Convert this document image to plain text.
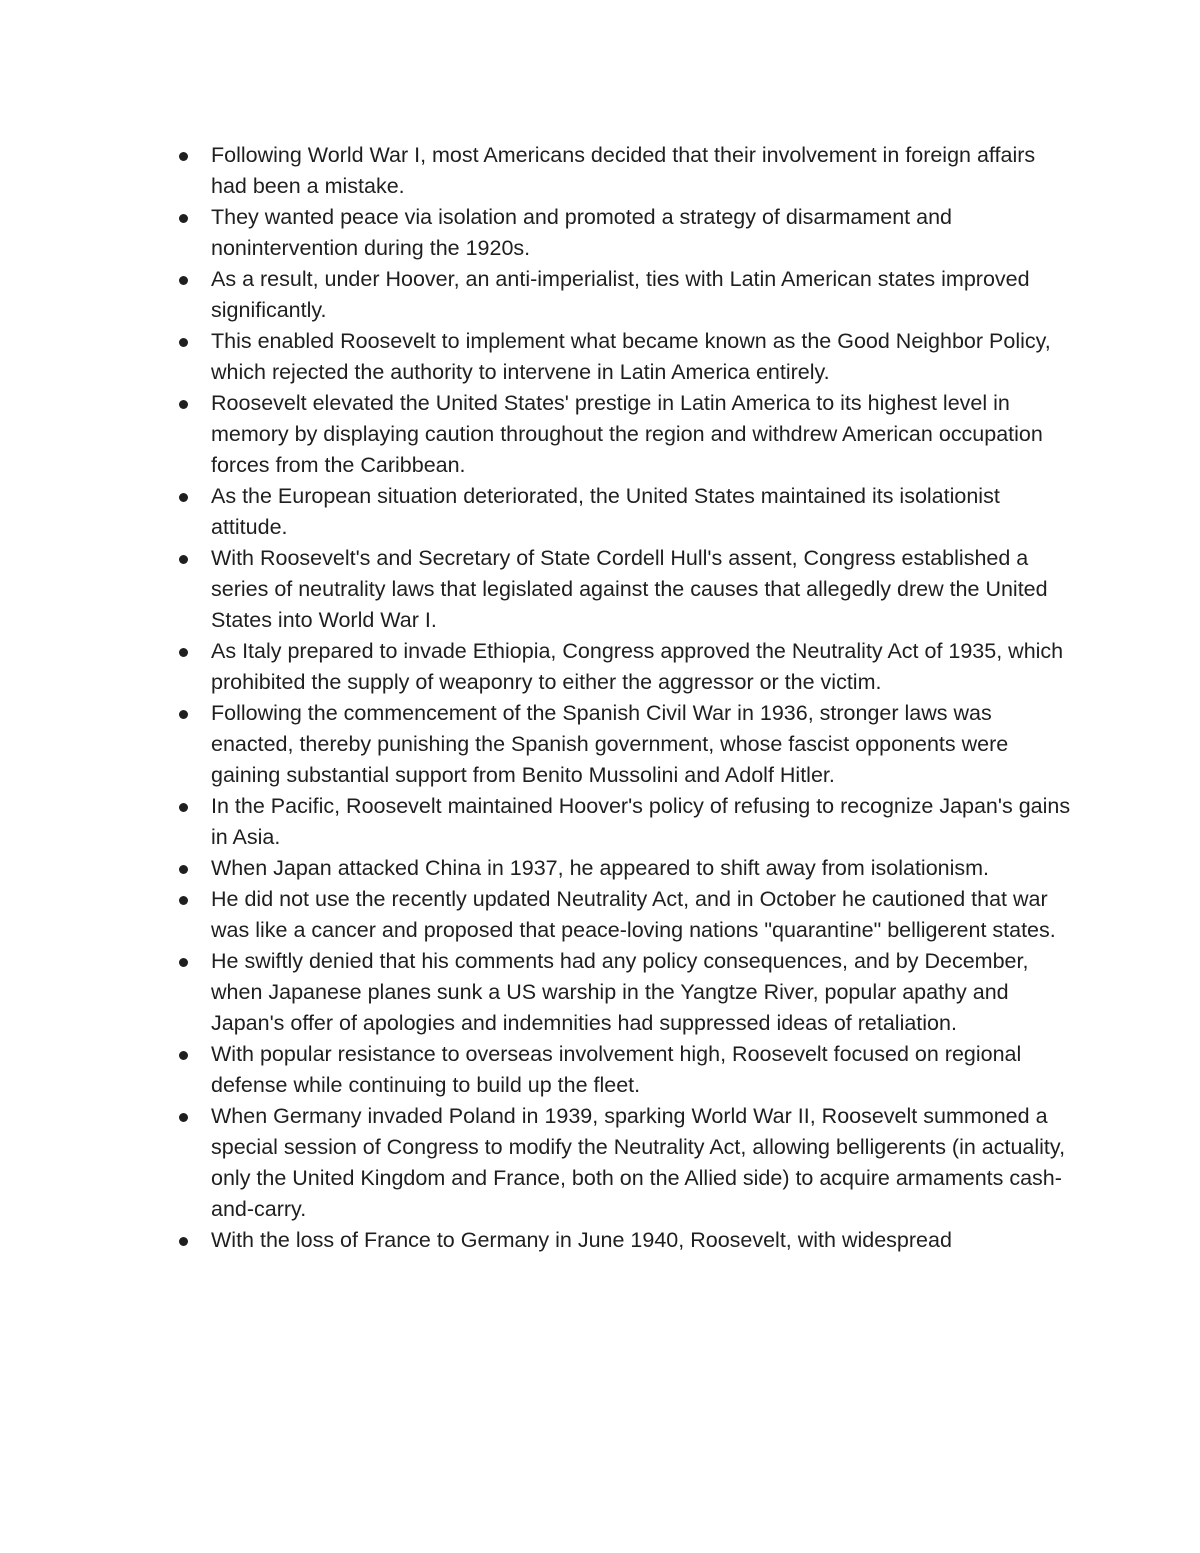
Following World War I, most Americans decided that their involvement in foreign affairs had been a mistake.
They wanted peace via isolation and promoted a strategy of disarmament and nonintervention during the 1920s.
As a result, under Hoover, an anti-imperialist, ties with Latin American states improved significantly.
This enabled Roosevelt to implement what became known as the Good Neighbor Policy, which rejected the authority to intervene in Latin America entirely.
Roosevelt elevated the United States' prestige in Latin America to its highest level in memory by displaying caution throughout the region and withdrew American occupation forces from the Caribbean.
As the European situation deteriorated, the United States maintained its isolationist attitude.
With Roosevelt's and Secretary of State Cordell Hull's assent, Congress established a series of neutrality laws that legislated against the causes that allegedly drew the United States into World War I.
As Italy prepared to invade Ethiopia, Congress approved the Neutrality Act of 1935, which prohibited the supply of weaponry to either the aggressor or the victim.
Following the commencement of the Spanish Civil War in 1936, stronger laws was enacted, thereby punishing the Spanish government, whose fascist opponents were gaining substantial support from Benito Mussolini and Adolf Hitler.
In the Pacific, Roosevelt maintained Hoover's policy of refusing to recognize Japan's gains in Asia.
When Japan attacked China in 1937, he appeared to shift away from isolationism.
He did not use the recently updated Neutrality Act, and in October he cautioned that war was like a cancer and proposed that peace-loving nations "quarantine" belligerent states.
He swiftly denied that his comments had any policy consequences, and by December, when Japanese planes sunk a US warship in the Yangtze River, popular apathy and Japan's offer of apologies and indemnities had suppressed ideas of retaliation.
With popular resistance to overseas involvement high, Roosevelt focused on regional defense while continuing to build up the fleet.
When Germany invaded Poland in 1939, sparking World War II, Roosevelt summoned a special session of Congress to modify the Neutrality Act, allowing belligerents (in actuality, only the United Kingdom and France, both on the Allied side) to acquire armaments cash-and-carry.
With the loss of France to Germany in June 1940, Roosevelt, with widespread
